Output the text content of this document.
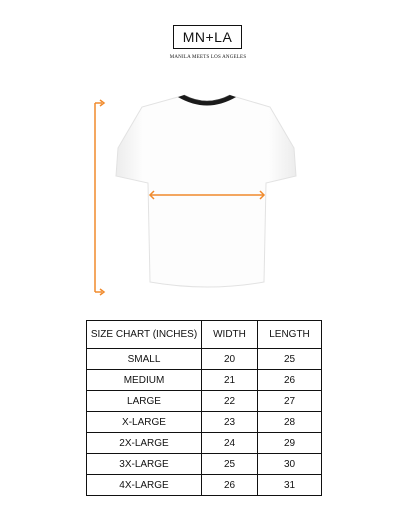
MN+LA
MANILA MEETS LOS ANGELES
SIZE CHART (INCHES)	WIDTH	LENGTH
SMALL	20	25
MEDIUM	21	26
LARGE	22	27
X-LARGE	23	28
2X-LARGE	24	29
3X-LARGE	25	30
4X-LARGE	26	31
